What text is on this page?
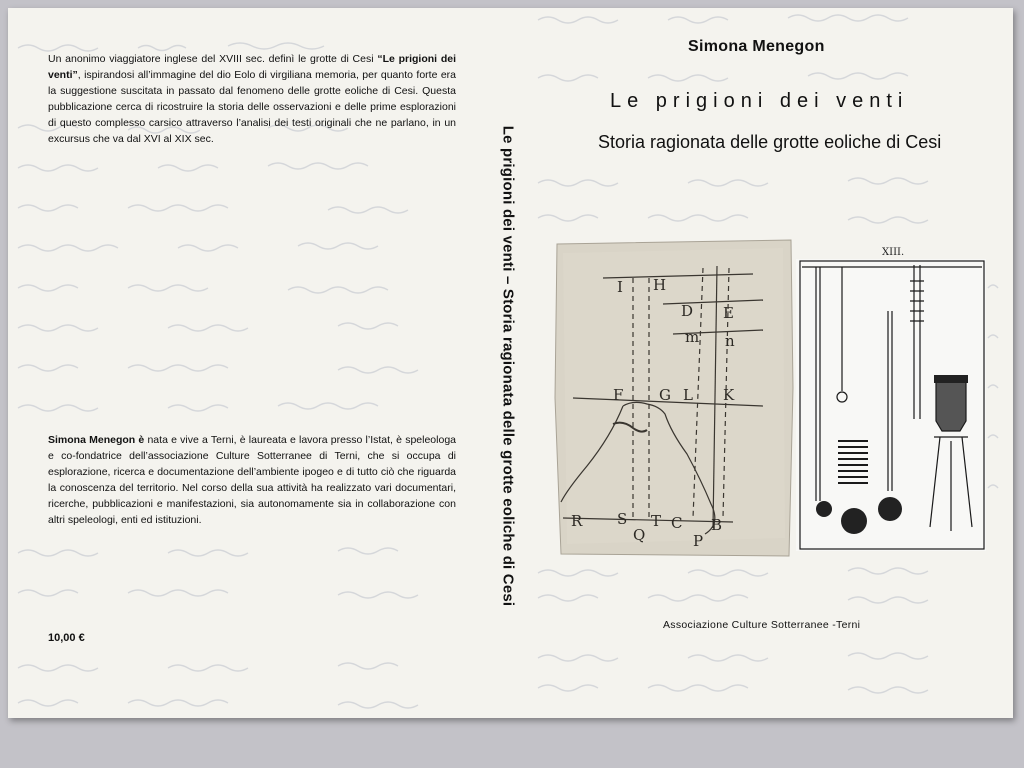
Un anonimo viaggiatore inglese del XVIII sec. definì le grotte di Cesi “Le prigioni dei venti”, ispirandosi all’immagine del dio Eolo di virgiliana memoria, per quanto forte era la suggestione suscitata in passato dal fenomeno delle grotte eoliche di Cesi. Questa pubblicazione cerca di ricostruire la storia delle osservazioni e delle prime esplorazioni di questo complesso carsico attraverso l’analisi dei testi originali che ne parlano, in un excursus che va dal XVI al XIX sec.

Simona Menegon è nata e vive a Terni, è laureata e lavora presso l’Istat, è speleologa e co-fondatrice dell’associazione Culture Sotterranee di Terni, che si occupa di esplorazione, ricerca e documentazione dell’ambiente ipogeo e di tutto ciò che riguarda la conoscenza del territorio. Nel corso della sua attività ha realizzato vari documentari, ricerche, pubblicazioni e manifestazioni, sia autonomamente sia in collaborazione con altri speleologi, enti ed istituzioni.

10,00 €
Le prigioni dei venti – Storia ragionata delle grotte eoliche di Cesi
Simona Menegon
Le prigioni dei venti
Storia ragionata delle grotte eoliche di Cesi
I H
D E
m n
F G L K
R S T C B
Q	P
XIII.
Associazione Culture Sotterranee -Terni
